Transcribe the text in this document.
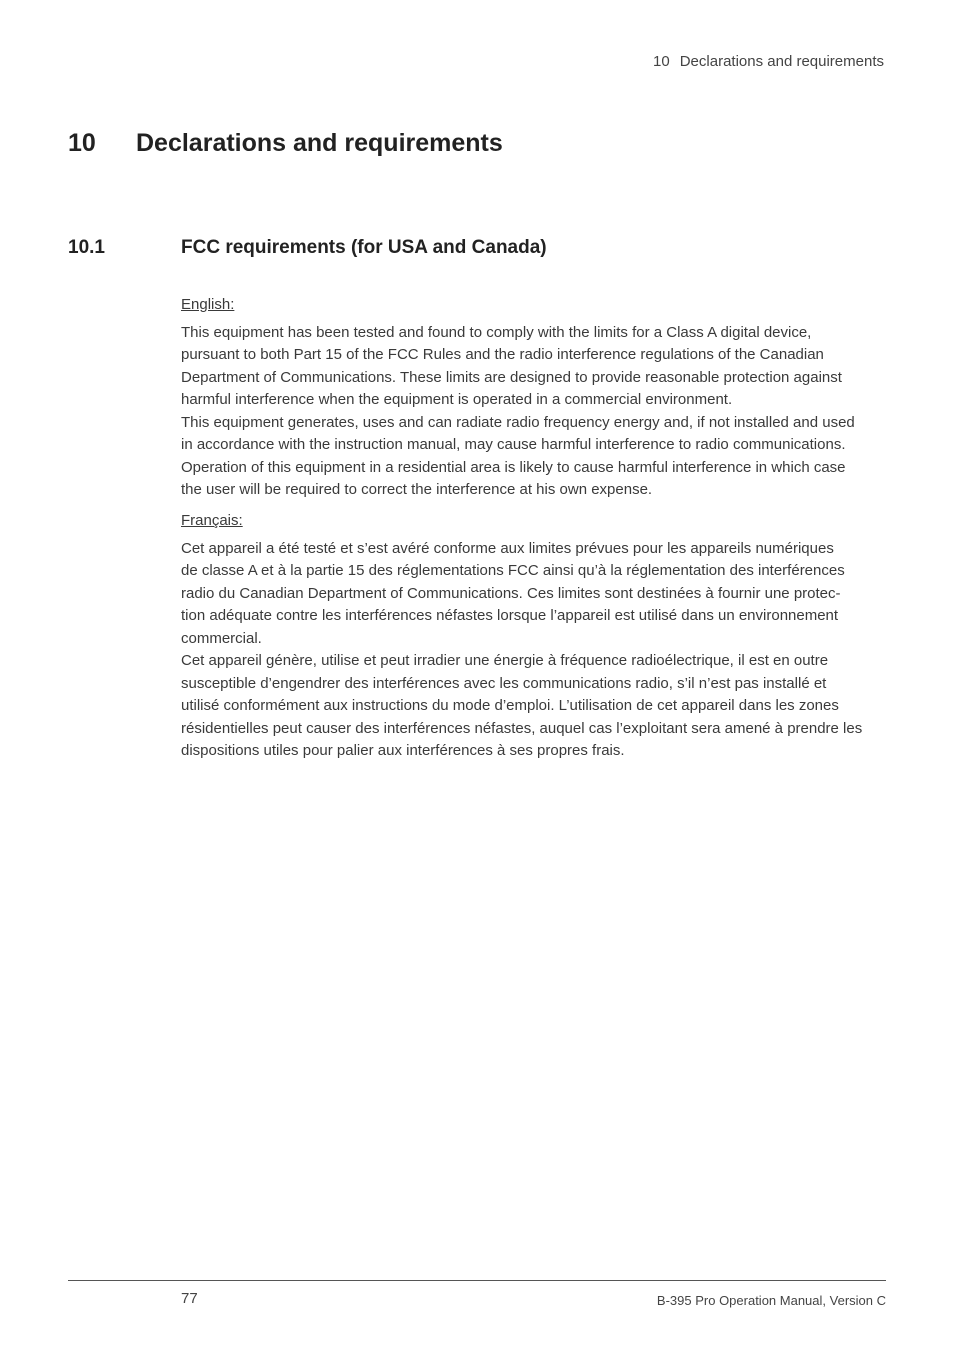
10 Declarations and requirements
10 Declarations and requirements
10.1	FCC requirements (for USA and Canada)
English:

This equipment has been tested and found to comply with the limits for a Class A digital device,
pursuant to both Part 15 of the FCC Rules and the radio interference regulations of the Canadian
Department of Communications. These limits are designed to provide reasonable protection against
harmful interference when the equipment is operated in a commercial environment.

This equipment generates, uses and can radiate radio frequency energy and, if not installed and used
in accordance with the instruction manual, may cause harmful interference to radio communications.
Operation of this equipment in a residential area is likely to cause harmful interference in which case
the user will be required to correct the interference at his own expense.

Français:

Cet appareil a été testé et s’est avéré conforme aux limites prévues pour les appareils numériques
de classe A et à la partie 15 des réglementations FCC ainsi qu’à la réglementation des interférences
radio du Canadian Department of Communications. Ces limites sont destinées à fournir une protec-
tion adéquate contre les interférences néfastes lorsque l’appareil est utilisé dans un environnement
commercial.

Cet appareil génère, utilise et peut irradier une énergie à fréquence radioélectrique, il est en outre
susceptible d’engendrer des interférences avec les communications radio, s’il n’est pas installé et
utilisé conformément aux instructions du mode d’emploi. L’utilisation de cet appareil dans les zones
résidentielles peut causer des interférences néfastes, auquel cas l’exploitant sera amené à prendre les
dispositions utiles pour palier aux interférences à ses propres frais.

77	B-395 Pro Operation Manual, Version C
